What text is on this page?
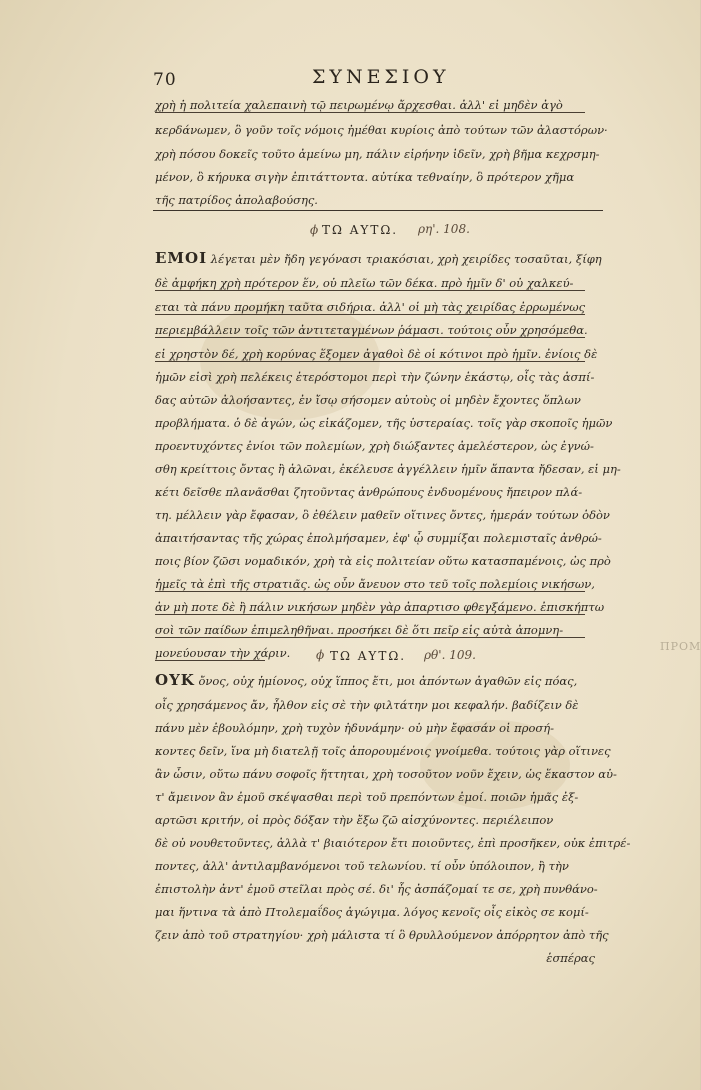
70	ΣΥΝΕΣΙΟΥ
χρὴ ἡ πολιτεία χαλεπαινὴ τῷ πειρωμένῳ ἄρχεσθαι. ἀλλ' εἰ μηδὲν ἀγὸ
κερδάνωμεν, ὃ γοῦν τοῖς νόμοις ἠμέθαι κυρίοις ἀπὸ τούτων τῶν ἀλαστόρων·
χρὴ πόσου δοκεῖς τοῦτο ἀμείνω μη, πάλιν εἰρήνην ἰδεῖν, χρὴ βῆμα κεχρσμη-
μένον, ὃ κήρυκα σιγὴν ἐπιτάττοντα. αὐτίκα τεθναίην, ὃ πρότερον χῆμα
τῆς πατρίδος ἀπολαβούσης.
ϕ ΤΩ ΑΥΤΩ. ρη'. 108.
ΕΜΟΙ λέγεται μὲν ἤδη γεγόνασι τριακόσιαι, χρὴ χειρίδες τοσαῦται, ξίφη
δὲ ἀμφήκη χρὴ πρότερον ἕν, οὐ πλεῖω τῶν δέκα. πρὸ ἡμῖν δ' οὐ χαλκεύ-
εται τὰ πάνυ προμήκη ταῦτα σιδήρια. ἀλλ' οἱ μὴ τὰς χειρίδας ἐρρωμένως
περιεμβάλλειν τοῖς τῶν ἀντιτεταγμένων ῥάμασι. τούτοις οὖν χρησόμεθα.
εἰ χρηστὸν δέ, χρὴ κορύνας ἕξομεν ἀγαθοὶ δὲ οἱ κότινοι πρὸ ἡμῖν. ἐνίοις δὲ
ἡμῶν εἰσὶ χρὴ πελέκεις ἑτερόστομοι περὶ τὴν ζώνην ἑκάστῳ, οἷς τὰς ἀσπί-
δας αὐτῶν ἀλοήσαντες, ἐν ἴσῳ σήσομεν αὐτοὺς οἱ μηδὲν ἔχοντες ὅπλων
προβλήματα. ὁ δὲ ἀγών, ὡς εἰκάζομεν, τῆς ὑστεραίας. τοῖς γὰρ σκοποῖς ἡμῶν
προεντυχόντες ἐνίοι τῶν πολεμίων, χρὴ διώξαντες ἀμελέστερον, ὡς ἐγνώ-
σθη κρείττοις ὄντας ἢ ἁλῶναι, ἐκέλευσε ἀγγέλλειν ἡμῖν ἅπαντα ἤδεσαν, εἰ μη-
κέτι δεῖσθε πλανᾶσθαι ζητοῦντας ἀνθρώπους ἐνδυομένους ἤπειρον πλά-
τη. μέλλειν γὰρ ἔφασαν, ὃ ἐθέλειν μαθεῖν οἵτινες ὄντες, ἡμεράν τούτων ὁδὸν
ἀπαιτήσαντας τῆς χώρας ἐπολμήσαμεν, ἐφ' ᾧ συμμίξαι πολεμισταῖς ἀνθρώ-
ποις βίον ζῶσι νομαδικόν, χρὴ τὰ εἰς πολιτείαν οὕτω κατασπαμένοις, ὡς πρὸ
ἡμεῖς τὰ ἐπὶ τῆς στρατιᾶς. ὡς οὖν ἄνευον στο τεῦ τοῖς πολεμίοις νικήσων,
ἀν μὴ ποτε δὲ ἢ πάλιν νικήσων μηδὲν γὰρ ἀπαρτισο φθεγξάμενο. ἐπισκήπτω
σοὶ τῶν παίδων ἐπιμεληθῆναι. προσήκει δὲ ὅτι πεῖρ εἰς αὐτὰ ἀπομνη-
μονεύουσαν τὴν χάριν. ϕ ΤΩ ΑΥΤΩ. ρθ'. 109.
ΠΡΟΜ
ΟΥΚ ὄνος, οὐχ ἡμίονος, οὐχ ἵππος ἔτι, μοι ἀπόντων ἀγαθῶν εἰς πόας,
οἷς χρησάμενος ἄν, ἦλθον εἰς σὲ τὴν φιλτάτην μοι κεφαλήν. βαδίζειν δὲ
πάνυ μὲν ἐβουλόμην, χρὴ τυχὸν ἠδυνάμην· οὐ μὴν ἔφασάν οἱ προσή-
κοντες δεῖν, ἵνα μὴ διατελῇ τοῖς ἀπορουμένοις γνοίμεθα. τούτοις γὰρ οἵτινες
ἂν ὦσιν, οὕτω πάνυ σοφοῖς ἥττηται, χρὴ τοσοῦτον νοῦν ἔχειν, ὡς ἕκαστον αὐ-
τ' ἄμεινον ἂν ἐμοῦ σκέψασθαι περὶ τοῦ πρεπόντων ἐμοί. ποιῶν ἡμᾶς ἐξ-
αρτῶσι κριτήν, οἱ πρὸς δόξαν τὴν ἔξω ζῶ αἰσχύνοντες. περιέλειπον
δὲ οὐ νουθετοῦντες, ἀλλὰ τ' βιαιότερον ἔτι ποιοῦντες, ἐπὶ προσῆκεν, οὐκ ἐπιτρέ-
ποντες, ἀλλ' ἀντιλαμβανόμενοι τοῦ τελωνίου. τί οὖν ὑπόλοιπον, ἢ τὴν
ἐπιστολὴν ἀντ' ἐμοῦ στεῖλαι πρὸς σέ. δι' ἧς ἀσπάζομαί τε σε, χρὴ πυνθάνο-
μαι ἥντινα τὰ ἀπὸ Πτολεμαΐδος ἀγώγιμα. λόγος κενοῖς οἷς εἰκὸς σε κομί-
ζειν ἀπὸ τοῦ στρατηγίου· χρὴ μάλιστα τί ὃ θρυλλούμενον ἀπόρρητον ἀπὸ τῆς
ἑσπέρας
